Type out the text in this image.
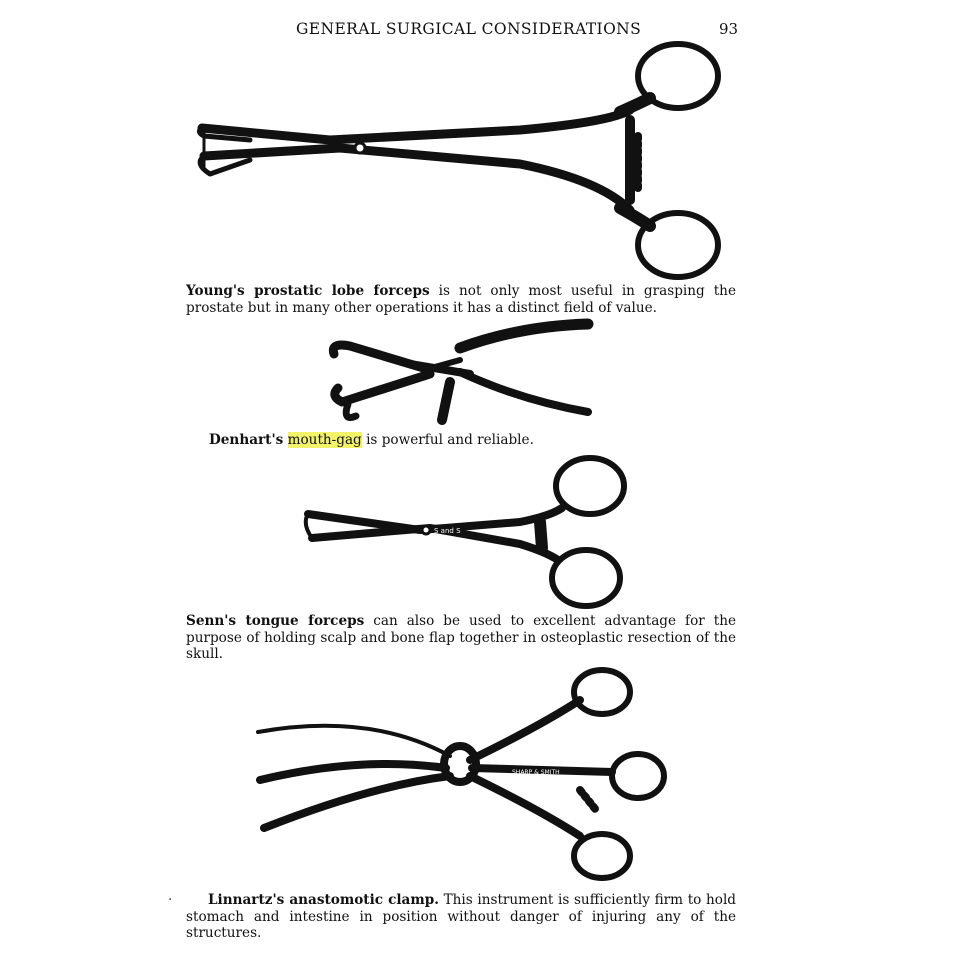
GENERAL SURGICAL CONSIDERATIONS	93
SHARP & SMITH
Young's prostatic lobe forceps is not only most useful in grasping the prostate but in many other operations it has a distinct field of value.
Denhart's mouth-gag is powerful and reliable.
S and S
Senn's tongue forceps can also be used to excellent advantage for the purpose of holding scalp and bone flap together in osteoplastic resection of the skull.
SHARP & SMITH
·	Linnartz's anastomotic clamp. This instrument is sufficiently firm to hold stomach and intestine in position without danger of injuring any of the structures.
